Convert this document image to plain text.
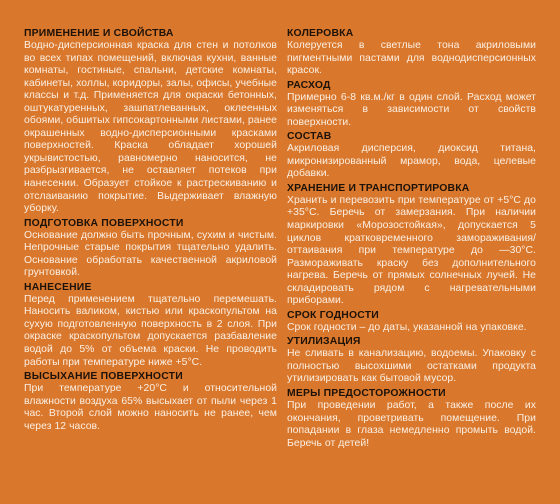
ПРИМЕНЕНИЕ И СВОЙСТВА

Водно-дисперсионная краска для стен и потолков во всех типах помещений, включая кухни, ванные комнаты, гостиные, спальни, детские комнаты, кабинеты, холлы, коридоры, залы, офисы, учебные классы и т.д. Применяется для окраски бетонных, оштукатуренных, зашпатлеванных, оклеенных обоями, обшитых гипсокартонными листами, ранее окрашенных водно-дисперсионными красками поверхностей. Краска обладает хорошей укрывистостью, равномерно наносится, не разбрызгивается, не оставляет потеков при нанесении. Образует стойкое к растрескиванию и отслаиванию покрытие. Выдерживает влажную уборку.

ПОДГОТОВКА ПОВЕРХНОСТИ

Основание должно быть прочным, сухим и чистым. Непрочные старые покрытия тщательно удалить. Основание обработать качественной акриловой грунтовкой.

НАНЕСЕНИЕ

Перед применением тщательно перемешать. Наносить валиком, кистью или краскопультом на сухую подготовленную поверхность в 2 слоя. При окраске краскопультом допускается разбавление водой до 5% от объема краски. Не проводить работы при температуре ниже +5°С.

ВЫСЫХАНИЕ ПОВЕРХНОСТИ

При температуре +20°С и относительной влажности воздуха 65% высыхает от пыли через 1 час. Второй слой можно наносить не ранее, чем через 12 часов.

КОЛЕРОВКА

Колеруется в светлые тона акриловыми пигментными пастами для воднодисперсионных красок.

РАСХОД

Примерно 6-8 кв.м./кг в один слой. Расход может изменяться в зависимости от свойств поверхности.

СОСТАВ

Акриловая дисперсия, диоксид титана, микронизированный мрамор, вода, целевые добавки.

ХРАНЕНИЕ И ТРАНСПОРТИРОВКА

Хранить и перевозить при температуре от +5°С до +35°С. Беречь от замерзания. При наличии маркировки «Морозостойкая», допускается 5 циклов кратковременного замораживания/оттаивания при температуре до —30°С. Размораживать краску без дополнительного нагрева. Беречь от прямых солнечных лучей. Не складировать рядом с нагревательными приборами.

СРОК ГОДНОСТИ

Срок годности – до даты, указанной на упаковке.

УТИЛИЗАЦИЯ

Не сливать в канализацию, водоемы. Упаковку с полностью высохшими остатками продукта утилизировать как бытовой мусор.

МЕРЫ ПРЕДОСТОРОЖНОСТИ

При проведении работ, а также после их окончания, проветривать помещение. При попадании в глаза немедленно промыть водой. Беречь от детей!
